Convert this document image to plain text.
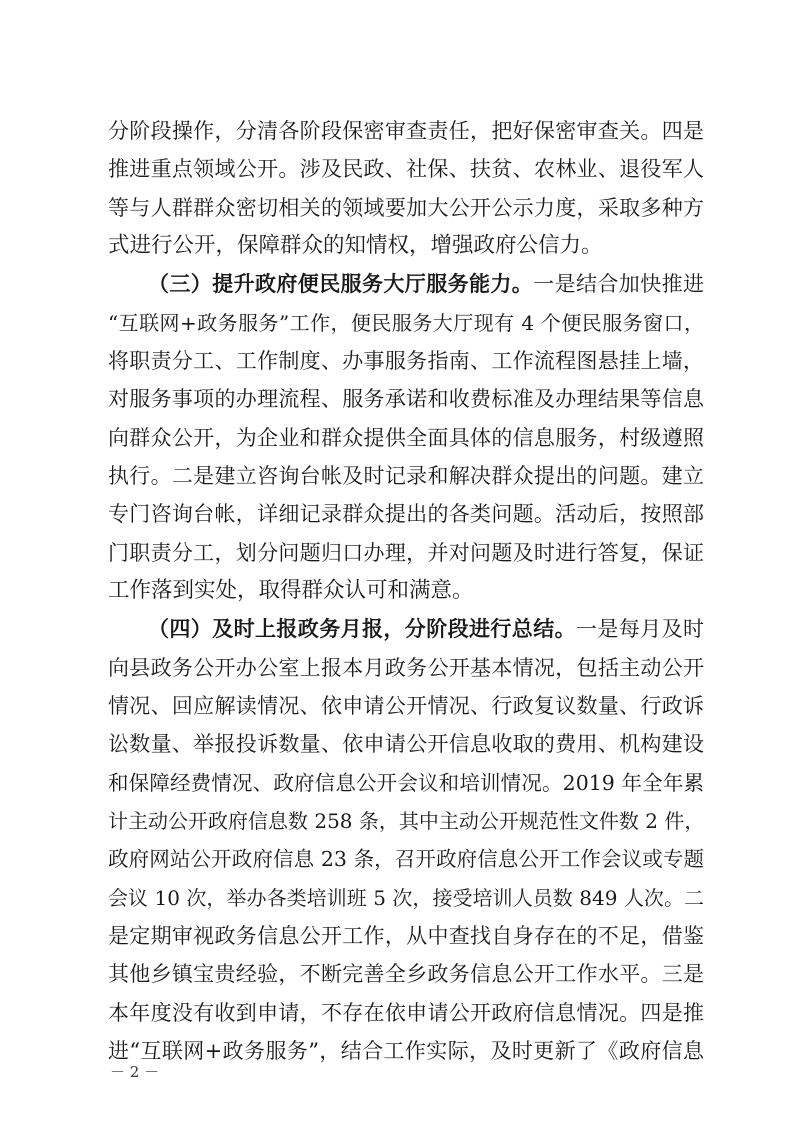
分阶段操作，分清各阶段保密审查责任，把好保密审查关。四是
推进重点领域公开。涉及民政、社保、扶贫、农林业、退役军人
等与人群群众密切相关的领域要加大公开公示力度，采取多种方
式进行公开，保障群众的知情权，增强政府公信力。
（三）提升政府便民服务大厅服务能力。一是结合加快推进
“互联网+政务服务”工作，便民服务大厅现有 4 个便民服务窗口，
将职责分工、工作制度、办事服务指南、工作流程图悬挂上墙，
对服务事项的办理流程、服务承诺和收费标准及办理结果等信息
向群众公开，为企业和群众提供全面具体的信息服务，村级遵照
执行。二是建立咨询台帐及时记录和解决群众提出的问题。建立
专门咨询台帐，详细记录群众提出的各类问题。活动后，按照部
门职责分工，划分问题归口办理，并对问题及时进行答复，保证
工作落到实处，取得群众认可和满意。
（四）及时上报政务月报，分阶段进行总结。一是每月及时
向县政务公开办公室上报本月政务公开基本情况，包括主动公开
情况、回应解读情况、依申请公开情况、行政复议数量、行政诉
讼数量、举报投诉数量、依申请公开信息收取的费用、机构建设
和保障经费情况、政府信息公开会议和培训情况。2019 年全年累
计主动公开政府信息数 258 条，其中主动公开规范性文件数 2 件，
政府网站公开政府信息 23 条，召开政府信息公开工作会议或专题
会议 10 次，举办各类培训班 5 次，接受培训人员数 849 人次。二
是定期审视政务信息公开工作，从中查找自身存在的不足，借鉴
其他乡镇宝贵经验，不断完善全乡政务信息公开工作水平。三是
本年度没有收到申请，不存在依申请公开政府信息情况。四是推
进“互联网+政务服务”，结合工作实际，及时更新了《政府信息
－ 2 －
